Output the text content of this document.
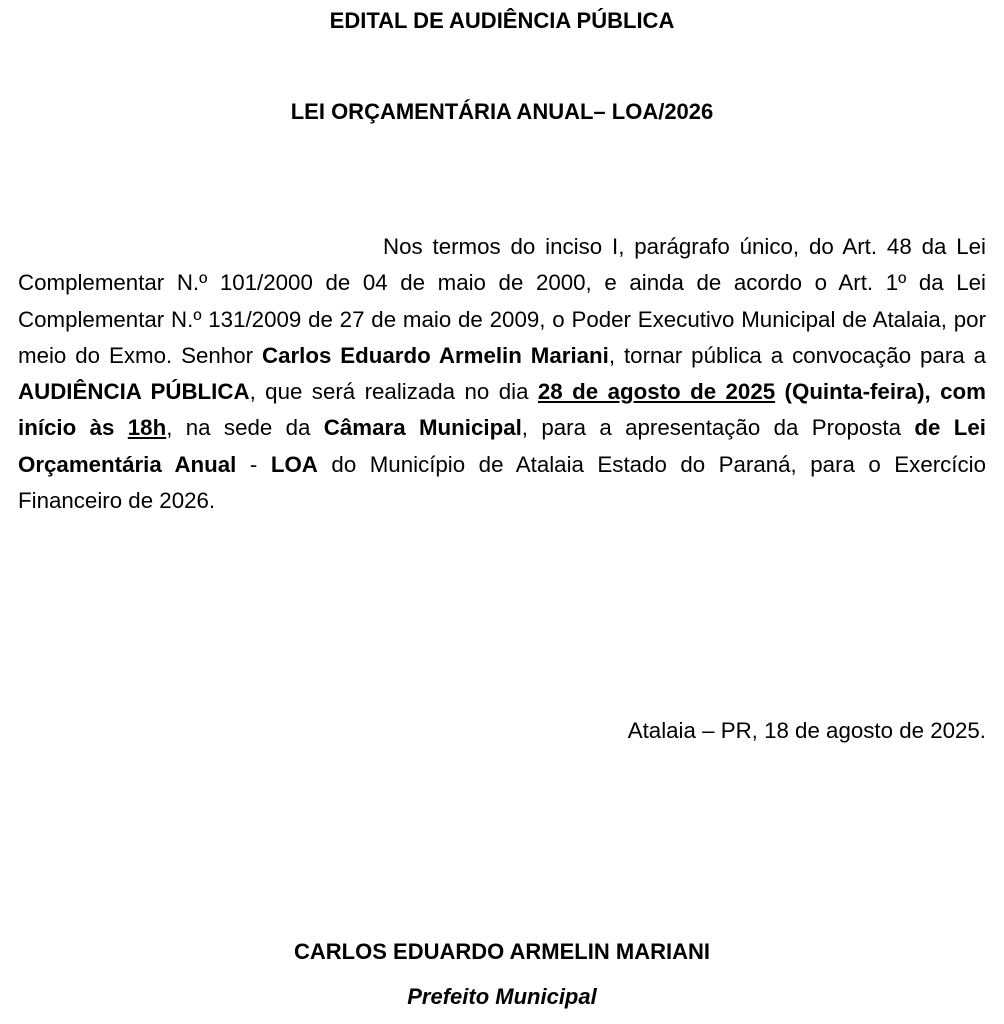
EDITAL DE AUDIÊNCIA PÚBLICA
LEI ORÇAMENTÁRIA ANUAL– LOA/2026

Nos termos do inciso I, parágrafo único, do Art. 48 da Lei Complementar N.º 101/2000 de 04 de maio de 2000, e ainda de acordo o Art. 1º da Lei Complementar N.º 131/2009 de 27 de maio de 2009, o Poder Executivo Municipal de Atalaia, por meio do Exmo. Senhor Carlos Eduardo Armelin Mariani, tornar pública a convocação para a AUDIÊNCIA PÚBLICA, que será realizada no dia 28 de agosto de 2025 (Quinta-feira), com início às 18h, na sede da Câmara Municipal, para a apresentação da Proposta de Lei Orçamentária Anual - LOA do Município de Atalaia Estado do Paraná, para o Exercício Financeiro de 2026.

Atalaia – PR, 18 de agosto de 2025.

CARLOS EDUARDO ARMELIN MARIANI

Prefeito Municipal
